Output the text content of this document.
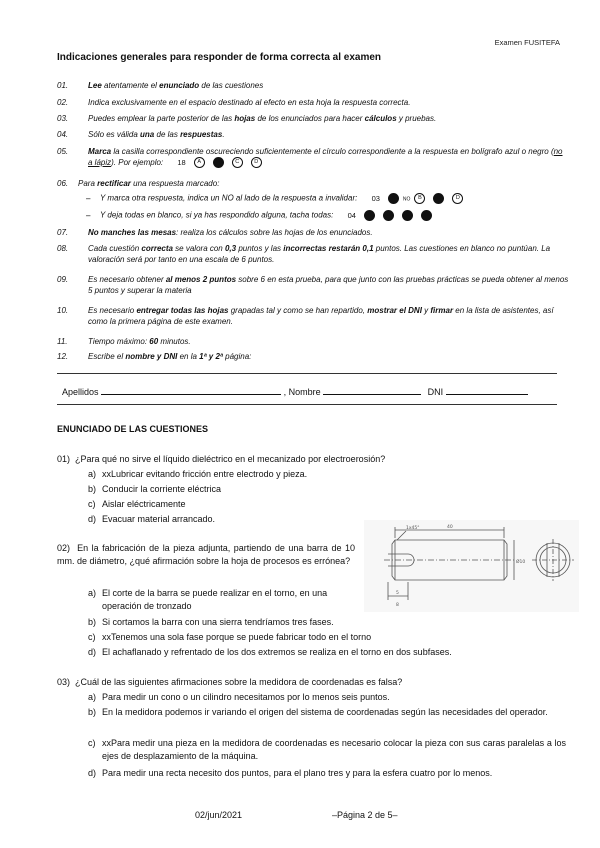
Examen FUSITEFA
Indicaciones generales para responder de forma correcta al examen
01.	Lee atentamente el enunciado de las cuestiones
02.	Indica exclusivamente en el espacio destinado al efecto en esta hoja la respuesta correcta.
03.	Puedes emplear la parte posterior de las hojas de los enunciados para hacer cálculos y pruebas.
04.	Sólo es válida una de las respuestas.
05.	Marca la casilla correspondiente oscureciendo suficientemente el círculo correspondiente a la respuesta en bolígrafo azul o negro (no a lápiz). Por ejemplo: 18 A	B	C	D
06.	Para rectificar una respuesta marcado:
– Y marca otra respuesta, indica un NO al lado de la respuesta a invalidar: 03 A NO B	C	D
– Y deja todas en blanco, si ya has respondido alguna, tacha todas: 04 A	B	C	D
07.	No manches las mesas: realiza los cálculos sobre las hojas de los enunciados.
08.	Cada cuestión correcta se valora con 0,3 puntos y las incorrectas restarán 0,1 puntos. Las cuestiones en blanco no puntúan. La valoración será por tanto en una escala de 6 puntos.
09.	Es necesario obtener al menos 2 puntos sobre 6 en esta prueba, para que junto con las pruebas prácticas se pueda obtener al menos 5 puntos y superar la materia
10.	Es necesario entregar todas las hojas grapadas tal y como se han repartido, mostrar el DNI y firmar en la lista de asistentes, así como la primera página de este examen.
11.	Tiempo máximo: 60 minutos.
12.	Escribe el nombre y DNI en la 1ª y 2ª página:
Apellidos	, Nombre	DNI
ENUNCIADO DE LAS CUESTIONES
01) ¿Para qué no sirve el líquido dieléctrico en el mecanizado por electroerosión?
a) xxLubricar evitando fricción entre electrodo y pieza.
b) Conducir la corriente eléctrica
c) Aislar eléctricamente
d) Evacuar material arrancado.
02) En la fabricación de la pieza adjunta, partiendo de una barra de 10 mm. de diámetro, ¿qué afirmación sobre la hoja de procesos es errónea?
a) El corte de la barra se puede realizar en el torno, en una operación de tronzado
b) Si cortamos la barra con una sierra tendríamos tres fases.
c) xxTenemos una sola fase porque se puede fabricar todo en el torno
d) El achaflanado y refrentado de los dos extremos se realiza en el torno en dos subfases.
1x45°	40
Ø10
5
8
03) ¿Cuál de las siguientes afirmaciones sobre la medidora de coordenadas es falsa?
a) Para medir un cono o un cilindro necesitamos por lo menos seis puntos.
b) En la medidora podemos ir variando el origen del sistema de coordenadas según las necesidades del operador.
c) xxPara medir una pieza en la medidora de coordenadas es necesario colocar la pieza con sus caras paralelas a los ejes de desplazamiento de la máquina.
d) Para medir una recta necesito dos puntos, para el plano tres y para la esfera cuatro por lo menos.
02/jun/2021	–Página 2 de 5–
